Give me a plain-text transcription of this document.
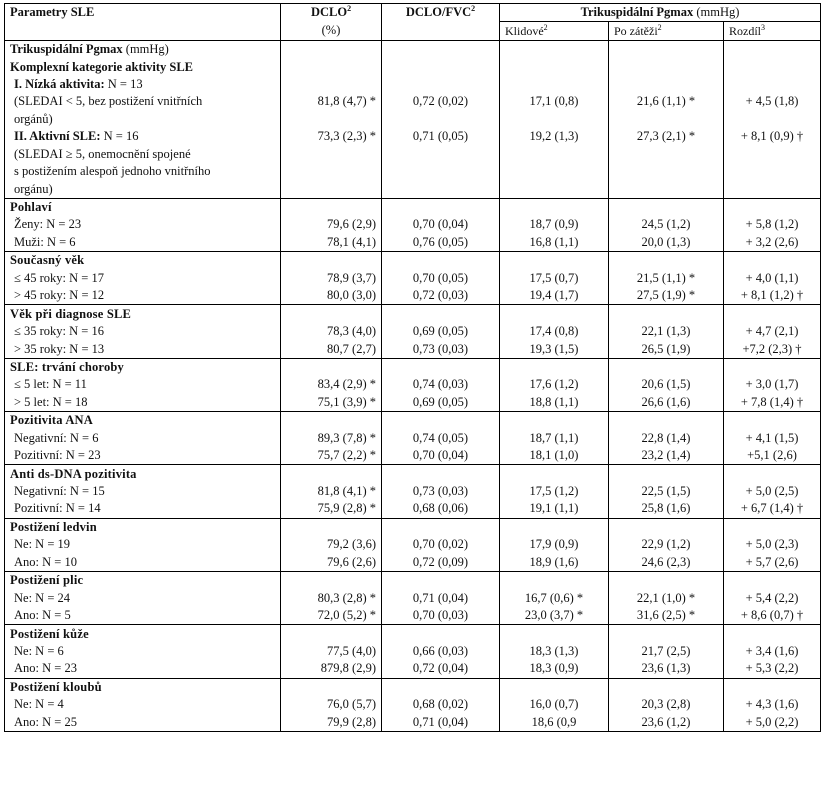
Parametry SLE	DCLO$^2$	DCLO/FVC$^2$	Trikuspidální Pgmax (mmHg)		
	(%)		Klidové$^2$	Po zátěži$^2$	Rozdíl$^3$
Trikuspidální Pgmax (mmHg)					
Komplexní kategorie aktivity SLE					
I. Nízká aktivita: N = 13					
(SLEDAI < 5, bez postižení vnitřních	81,8 (4,7) *	0,72 (0,02)	17,1 (0,8)	21,6 (1,1) *	+ 4,5 (1,8)
orgánů)					
II. Aktivní SLE: N = 16	73,3 (2,3) *	0,71 (0,05)	19,2 (1,3)	27,3 (2,1) *	+ 8,1 (0,9) †
(SLEDAI ≥ 5, onemocnění spojené					
s postižením alespoň jednoho vnitřního					
orgánu)					
Pohlaví					
Ženy: N = 23	79,6 (2,9)	0,70 (0,04)	18,7 (0,9)	24,5 (1,2)	+ 5,8 (1,2)
Muži: N = 6	78,1 (4,1)	0,76 (0,05)	16,8 (1,1)	20,0 (1,3)	+ 3,2 (2,6)
Současný věk					
≤ 45 roky: N = 17	78,9 (3,7)	0,70 (0,05)	17,5 (0,7)	21,5 (1,1) *	+ 4,0 (1,1)
> 45 roky: N = 12	80,0 (3,0)	0,72 (0,03)	19,4 (1,7)	27,5 (1,9) *	+ 8,1 (1,2) †
Věk při diagnose SLE					
≤ 35 roky: N = 16	78,3 (4,0)	0,69 (0,05)	17,4 (0,8)	22,1 (1,3)	+ 4,7 (2,1)
> 35 roky: N = 13	80,7 (2,7)	0,73 (0,03)	19,3 (1,5)	26,5 (1,9)	+7,2 (2,3) †
SLE: trvání choroby					
≤ 5 let: N = 11	83,4 (2,9) *	0,74 (0,03)	17,6 (1,2)	20,6 (1,5)	+ 3,0 (1,7)
> 5 let: N = 18	75,1 (3,9) *	0,69 (0,05)	18,8 (1,1)	26,6 (1,6)	+ 7,8 (1,4) †
Pozitivita ANA					
Negativní: N = 6	89,3 (7,8) *	0,74 (0,05)	18,7 (1,1)	22,8 (1,4)	+ 4,1 (1,5)
Pozitivní: N = 23	75,7 (2,2) *	0,70 (0,04)	18,1 (1,0)	23,2 (1,4)	+5,1 (2,6)
Anti ds-DNA pozitivita					
Negativní: N = 15	81,8 (4,1) *	0,73 (0,03)	17,5 (1,2)	22,5 (1,5)	+ 5,0 (2,5)
Pozitivní: N = 14	75,9 (2,8) *	0,68 (0,06)	19,1 (1,1)	25,8 (1,6)	+ 6,7 (1,4) †
Postižení ledvin					
Ne: N = 19	79,2 (3,6)	0,70 (0,02)	17,9 (0,9)	22,9 (1,2)	+ 5,0 (2,3)
Ano: N = 10	79,6 (2,6)	0,72 (0,09)	18,9 (1,6)	24,6 (2,3)	+ 5,7 (2,6)
Postižení plic					
Ne: N = 24	80,3 (2,8) *	0,71 (0,04)	16,7 (0,6) *	22,1 (1,0) *	+ 5,4 (2,2)
Ano: N = 5	72,0 (5,2) *	0,70 (0,03)	23,0 (3,7) *	31,6 (2,5) *	+ 8,6 (0,7) †
Postižení kůže					
Ne: N = 6	77,5 (4,0)	0,66 (0,03)	18,3 (1,3)	21,7 (2,5)	+ 3,4 (1,6)
Ano: N = 23	879,8 (2,9)	0,72 (0,04)	18,3 (0,9)	23,6 (1,3)	+ 5,3 (2,2)
Postižení kloubů					
Ne: N = 4	76,0 (5,7)	0,68 (0,02)	16,0 (0,7)	20,3 (2,8)	+ 4,3 (1,6)
Ano: N = 25	79,9 (2,8)	0,71 (0,04)	18,6 (0,9	23,6 (1,2)	+ 5,0 (2,2)
